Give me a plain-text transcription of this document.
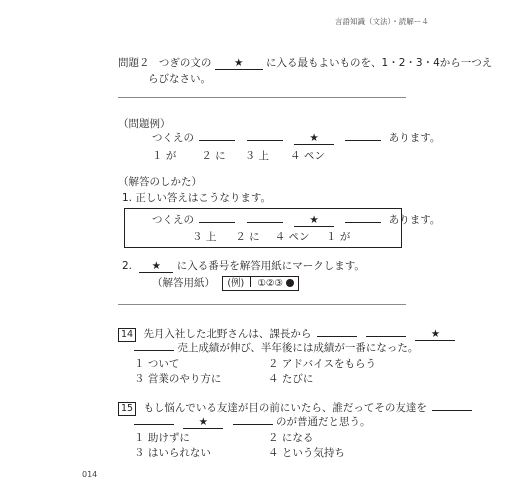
言語知識（文法）・読解ー４
問題２ つぎの文の ★ に入る最もよいものを、1・2・3・4から一つえ
らびなさい。
（問題例）
つくえの	★	あります。
１ が ２ に ３ 上 ４ ペン
（解答のしかた）
1. 正しい答えはこうなります。
つくえの	★	あります。
３ 上 ２ に ４ ペン １ が
2. ★ に入る番号を解答用紙にマークします。
（解答用紙） (例) ①②③
14 先月入社した北野さんは、課長から	★
売上成績が伸び、半年後には成績が一番になった。
１ ついて	２ アドバイスをもらう
３ 営業のやり方に	４ たびに
15 もし悩んでいる友達が目の前にいたら、誰だってその友達を
★	のが普通だと思う。
１ 助けずに	２ になる
３ はいられない	４ という気持ち
014
